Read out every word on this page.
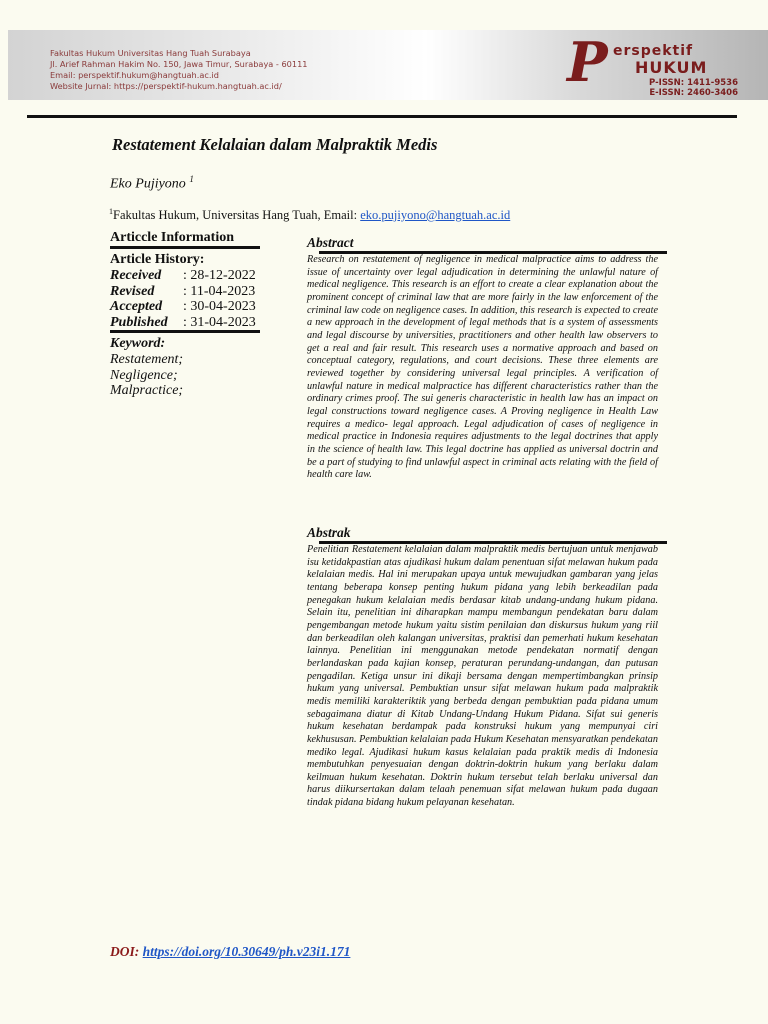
Fakultas Hukum Universitas Hang Tuah Surabaya
Jl. Arief Rahman Hakim No. 150, Jawa Timur, Surabaya - 60111
Email: perspektif.hukum@hangtuah.ac.id
Website Jurnal: https://perspektif-hukum.hangtuah.ac.id/	P erspektif
HUKUM
P-ISSN: 1411-9536
E-ISSN: 2460-3406
Restatement Kelalaian dalam Malpraktik Medis
Eko Pujiyono $^1$
$^1$Fakultas Hukum, Universitas Hang Tuah, Email: eko.pujiyono@hangtuah.ac.id
Articcle Information
Article History:
Received : 28-12-2022
Revised : 11-04-2023
Accepted : 30-04-2023
Published : 31-04-2023
Keyword:
Restatement;
Negligence;
Malpractice;
Abstract

Research on restatement of negligence in medical malpractice aims to address the issue of uncertainty over legal adjudication in determining the unlawful nature of medical negligence. This research is an effort to create a clear explanation about the prominent concept of criminal law that are more fairly in the law enforcement of the criminal law code on negligence cases. In addition, this research is expected to create a new approach in the development of legal methods that is a system of assessments and legal discourse by universities, practitioners and other health law observers to get a real and fair result. This research uses a normative approach and based on conceptual category, regulations, and court decisions. These three elements are reviewed together by considering universal legal principles. A verification of unlawful nature in medical malpractice has different characteristics rather than the ordinary crimes proof. The sui generis characteristic in health law has an impact on legal constructions toward negligence cases. A Proving negligence in Health Law requires a medico- legal approach. Legal adjudication of cases of negligence in medical practice in Indonesia requires adjustments to the legal doctrines that apply in the science of health law. This legal doctrine has applied as universal doctrin and be a part of studying to find unlawful aspect in criminal acts relating with the field of health care law.

Abstrak

Penelitian Restatement kelalaian dalam malpraktik medis bertujuan untuk menjawab isu ketidakpastian atas ajudikasi hukum dalam penentuan sifat melawan hukum pada kelalaian medis. Hal ini merupakan upaya untuk mewujudkan gambaran yang jelas tentang beberapa konsep penting hukum pidana yang lebih berkeadilan pada penegakan hukum kelalaian medis berdasar kitab undang-undang hukum pidana. Selain itu, penelitian ini diharapkan mampu membangun pendekatan baru dalam pengembangan metode hukum yaitu sistim penilaian dan diskursus hukum yang riil dan berkeadilan oleh kalangan universitas, praktisi dan pemerhati hukum kesehatan lainnya. Penelitian ini menggunakan metode pendekatan normatif dengan berlandaskan pada kajian konsep, peraturan perundang-undangan, dan putusan pengadilan. Ketiga unsur ini dikaji bersama dengan mempertimbangkan prinsip hukum yang universal. Pembuktian unsur sifat melawan hukum pada malpraktik medis memiliki karakteriktik yang berbeda dengan pembuktian pada pidana umum sebagaimana diatur di Kitab Undang-Undang Hukum Pidana. Sifat sui generis hukum kesehatan berdampak pada konstruksi hukum yang mempunyai ciri kekhususan. Pembuktian kelalaian pada Hukum Kesehatan mensyaratkan pendekatan mediko legal. Ajudikasi hukum kasus kelalaian pada praktik medis di Indonesia membutuhkan penyesuaian dengan doktrin-doktrin hukum yang berlaku dalam keilmuan hukum kesehatan. Doktrin hukum tersebut telah berlaku universal dan harus diikursertakan dalam telaah penemuan sifat melawan hukum pada dugaan tindak pidana bidang hukum pelayanan kesehatan.

DOI: https://doi.org/10.30649/ph.v23i1.171
